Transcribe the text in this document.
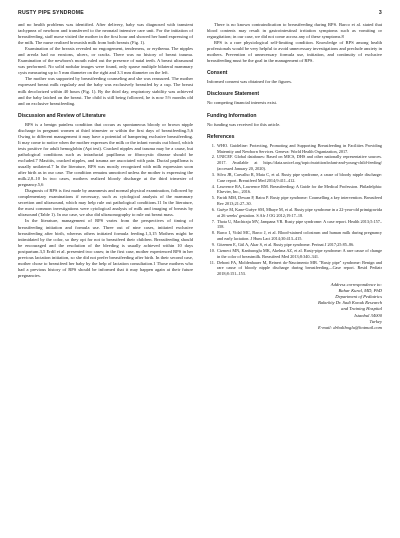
RUSTY PIPE SYNDROME	3

and no health problems was identified. After delivery, baby was diagnosed with transient tachypnea of newborn and transferred to the neonatal intensive care unit. For the initiation of breastfeeding, staff nurse visited the mother in the first hour and showed her hand expressing of the milk. The nurse realized brownish milk from both breasts (Fig. 1).

Examination of the breasts revealed no engorgement, tenderness, or erythema. The nipples and areola had no erosions, ulcers, or cracks. There was no history of breast trauma. Examination of the newborn's mouth ruled out the presence of natal teeth. A breast ultrasound was performed. No solid nodular images were found, only sparse multiple bilateral mammary cysts measuring up to 5 mm diameter on the right and 3.3 mm diameter on the left.

The mother was supported by breastfeeding counseling and she was reassured. The mother expressed breast milk regularly and the baby was exclusively breastfed by a cup. The breast milk decolorized within 40 hours (Fig. 1). By the third day, respiratory stability was achieved and the baby latched on the breast. The child is still being followed, he is now 5½ months old and on exclusive breastfeeding.

Discussion and Review of Literature

RPS is a benign painless condition that occurs as spontaneous bloody or brown nipple discharge in pregnant women at third trimester or within the first days of breastfeeding.5,6 Owing to different management it may have a potential of hampering exclusive breastfeeding. It may come to notice when the mother expresses the milk or the infant vomits out blood, which tests positive for adult hemoglobin (Apt test). Cracked nipples and trauma may be a cause, but pathological conditions such as intraductal papilloma or fibrocystic disease should be excluded.7 Mastitis, cracked nipples, and trauma are associated with pain. Ductal papilloma is usually unilateral.7 In the literature, RPS was mostly recognized with milk expression soon after birth as in our case. The condition remains unnoticed unless the mother is expressing the milk.2,8–10 In two cases, mothers realized bloody discharge at the third trimester of pregnancy.5,6

Diagnosis of RPS is first made by anamnesis and normal physical examination, followed by complementary examinations if necessary, such as cytological analysis of the mammary secretion and ultrasound, which may help rule out pathological conditions.11 In the literature, the most common investigations were cytological analysis of milk and imaging of breasts by ultrasound (Table 1). In our case, we also did ultrasonography to rule out breast mass.

In the literature, management of RPS varies from the perspectives of timing of breastfeeding initiation and formula use. Three out of nine cases, initiated exclusive breastfeeding after birth, whereas others initiated formula feeding.1,3,15 Mothers might be intimidated by the color, so they opt for not to breastfeed their children. Breastfeeding should be encouraged and the resolution of the bleeding is usually achieved within 10 days postpartum.3,5 Erdil et al. presented two cases; in the first case, mother experienced RPS in her previous lactation initiation, so she did not prefer breastfeeding after birth. In their second case, mother chose to breastfeed her baby by the help of lactation consultation.1 Those mothers who had a previous history of RPS should be informed that it may happen again at their future pregnancies.

There is no known contraindication to breastfeeding during RPS. Barco et al. stated that blood contents may result in gastrointestinal irritation symptoms such as vomiting or regurgitation; in our case, we did not come across any of these symptoms.8

RPS is a rare physiological self-limiting condition. Knowledge of RPS among health professionals would be very helpful to avoid unnecessary investigations and preclude anxiety in mothers. Prevention of unnecessary formula use, initiation, and continuity of exclusive breastfeeding must be the goal in the management of RPS.

Consent

Informed consent was obtained for the figures.

Disclosure Statement

No competing financial interests exist.

Funding Information

No funding was received for this article.

References
1. WHO. Guideline: Protecting, Promoting and Supporting Breastfeeding in Facilities Providing Maternity and Newborn Services. Geneva: World Health Organization, 2017.
2. UNICEF. Global databases: Based on MICS, DHS and other nationally representative sources. 2017. Available at https://data.unicef.org/topic/nutrition/infant-and-young-child-feeding/ (accessed January 20, 2020).
3. Silva JR, Carvalho R, Maia C, et al. Rusty pipe syndrome, a cause of bloody nipple discharge: Case report. Breastfeed Med 2014;9:411–412.
4. Lawrence RA, Lawrence RM. Breastfeeding: A Guide for the Medical Profession. Philadelphia: Elsevier, Inc., 2016.
5. Faridi MM, Dewan P, Batra P. Rusty pipe syndrome: Counselling a key intervention. Breastfeed Rev 2013;21:27–30.
6. Guèye M, Kane-Guèye SM, Mbaye M, et al. Rusty pipe syndrome in a 22-year-old primigravida at 26 weeks' gestation. S Afr J OG 2012;19:17–18.
7. Thota U, Machiraju MV, Jampana VR. Rusty pipe syndrome: A case report. Health 2013;5:157–158.
8. Barco I, Vidal MC, Barco J, et al. Blood-stained colostrum and human milk during pregnancy and early lactation. J Hum Lact 2014;30:413–415.
9. Gözenen E, Gül A, Akar S, et al. Rusty pipe syndrome. Perinat J 2017;25:85–86.
10. Cizmeci MN, Kanburoglu MK, Akelma AZ, et al. Rusty-pipe syndrome: A rare cause of change in the color of breastmilk. Breastfeed Med 2013;8:340–341.
11. Deboni FA, Moldenhauer M, Reinert do-Nascimento MB. "Rusty pipe" syndrome: Benign and rare cause of bloody nipple discharge during breastfeeding—Case report. Resid Pediatr 2018;8:151–153.
Address correspondence to:
Bahar Kural, MD, PhD
Department of Pediatrics
Bakırköy Dr. Sadi Konuk Research
and Training Hospital
Istanbul 34000
Turkey
E-mail: drbaliboglu@hotmail.com
